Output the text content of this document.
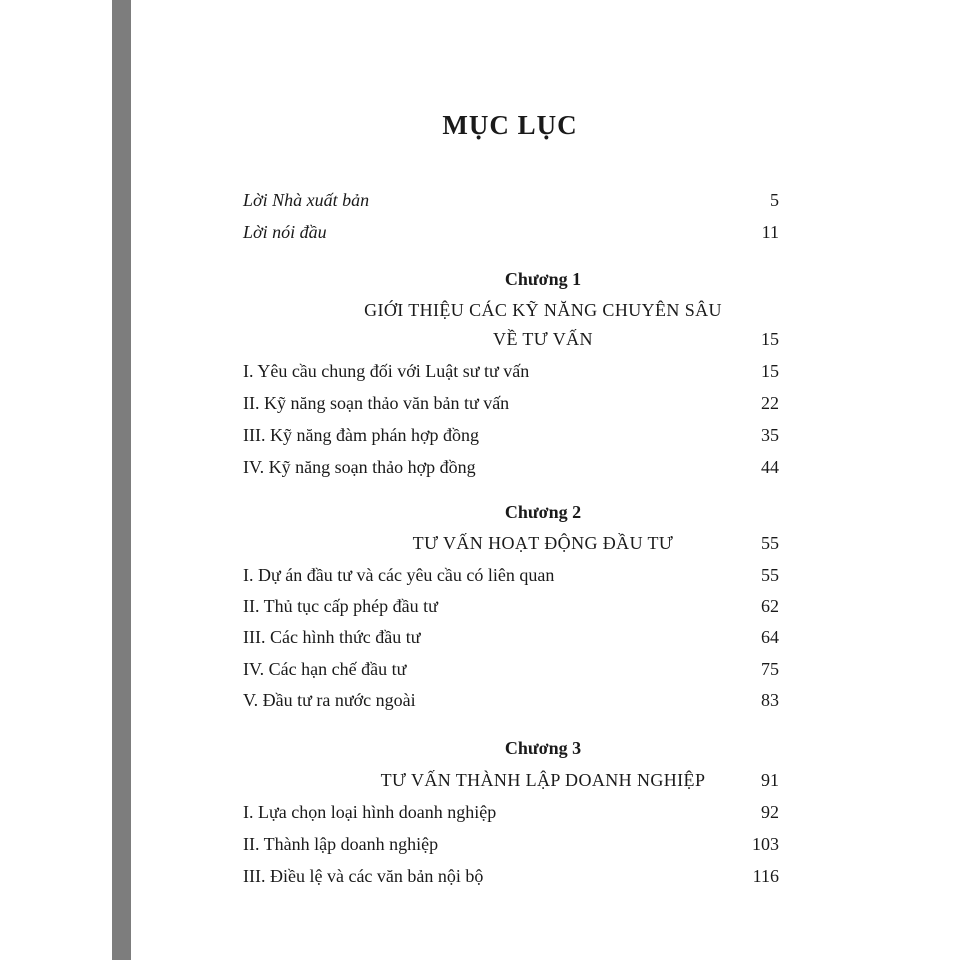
MỤC LỤC
Lời Nhà xuất bản	5
Lời nói đầu	11
Chương 1
GIỚI THIỆU CÁC KỸ NĂNG CHUYÊN SÂU
VỀ TƯ VẤN	15
I. Yêu cầu chung đối với Luật sư tư vấn	15
II. Kỹ năng soạn thảo văn bản tư vấn	22
III. Kỹ năng đàm phán hợp đồng	35
IV. Kỹ năng soạn thảo hợp đồng	44
Chương 2
TƯ VẤN HOẠT ĐỘNG ĐẦU TƯ	55
I. Dự án đầu tư và các yêu cầu có liên quan	55
II. Thủ tục cấp phép đầu tư	62
III. Các hình thức đầu tư	64
IV. Các hạn chế đầu tư	75
V. Đầu tư ra nước ngoài	83
Chương 3
TƯ VẤN THÀNH LẬP DOANH NGHIỆP	91
I. Lựa chọn loại hình doanh nghiệp	92
II. Thành lập doanh nghiệp	103
III. Điều lệ và các văn bản nội bộ	116
